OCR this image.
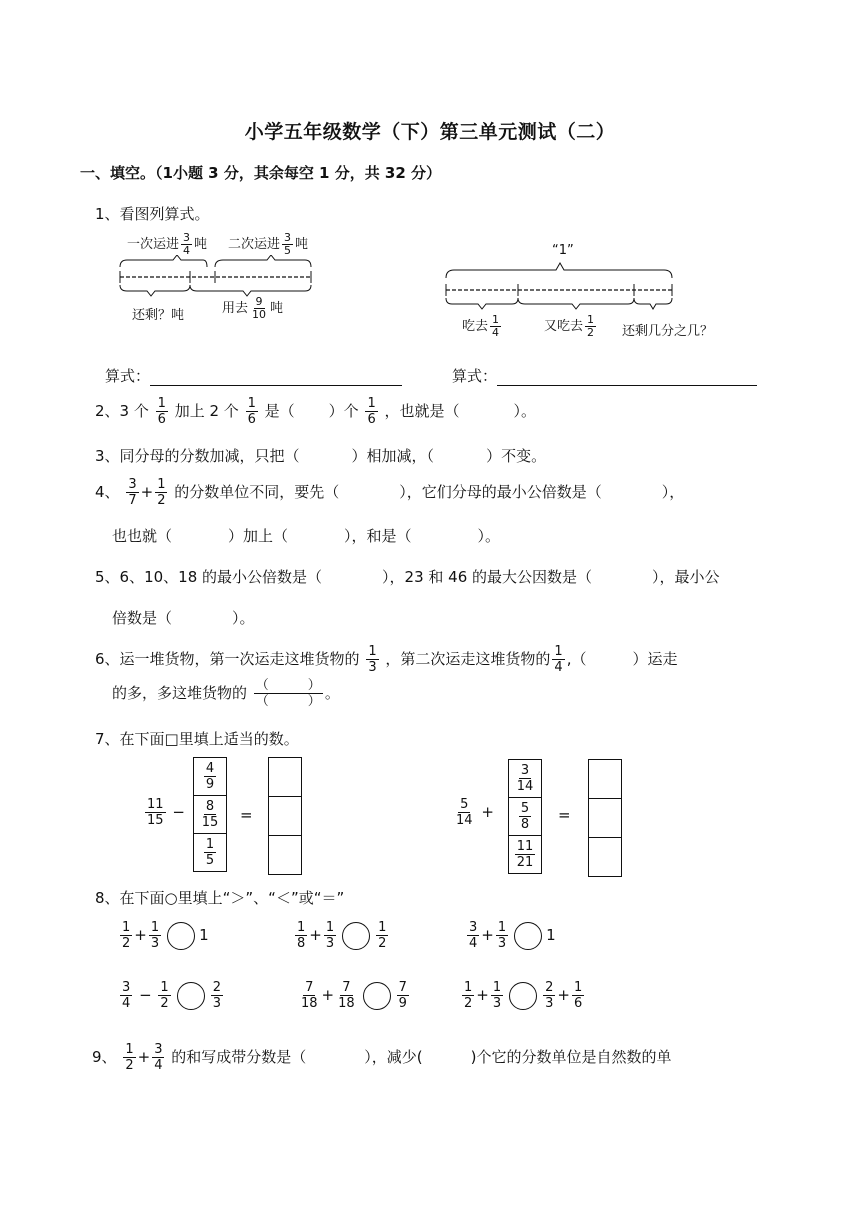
小学五年级数学（下）第三单元测试（二）
一、填空。（1小题 3 分，其余每空 1 分，共 32 分）
1、看图列算式。
一次运进 $\frac{3}{4}$ 吨 二次运进 $\frac{3}{5}$ 吨
还剩？吨	用去 $\frac{9}{10}$ 吨
“1”
吃去 $\frac{1}{4}$	又吃去 $\frac{1}{2}$ 还剩几分之几？
算式：	算式：
2、3 个 $\frac{1}{6}$ 加上 2 个 $\frac{1}{6}$ 是（ ）个 $\frac{1}{6}$ ，也就是（	）。
3、同分母的分数加减，只把（	）相加减，（	）不变。
4、 $\frac{3}{7} + \frac{1}{2}$ 的分数单位不同，要先（	），它们分母的最小公倍数是（	），
也也就（	）加上（	），和是（	）。
5、6、10、18 的最小公倍数是（	），23 和 46 的最大公因数是（	），最小公
倍数是（	）。
6、运一堆货物，第一次运走这堆货物的 $\frac{1}{3}$ ，第二次运走这堆货物的 $\frac{1}{4}$ ,（	）运走
的多，多这堆货物的 $\frac{( )}{( )}$ 。
7、在下面□里填上适当的数。
$\frac{11}{15}$ −
$\frac{4}{9}$
$\frac{8}{15}$
$\frac{1}{5}$
=	$\frac{5}{14}$ +
$\frac{3}{14}$
$\frac{5}{8}$
$\frac{11}{21}$
=
8、在下面○里填上“＞”、“＜”或“＝”
$\frac{1}{2} + \frac{1}{3}$	1	$\frac{1}{8} + \frac{1}{3}$	$\frac{1}{2}$	$\frac{3}{4} + \frac{1}{3}$	1
$\frac{3}{4} - \frac{1}{2}$	$\frac{2}{3}$	$\frac{7}{18} + \frac{7}{18}$	$\frac{7}{9}$	$\frac{1}{2} + \frac{1}{3}$	$\frac{2}{3} + \frac{1}{6}$
9、 $\frac{1}{2} + \frac{3}{4}$ 的和写成带分数是（	），减少(	)个它的分数单位是自然数的单
